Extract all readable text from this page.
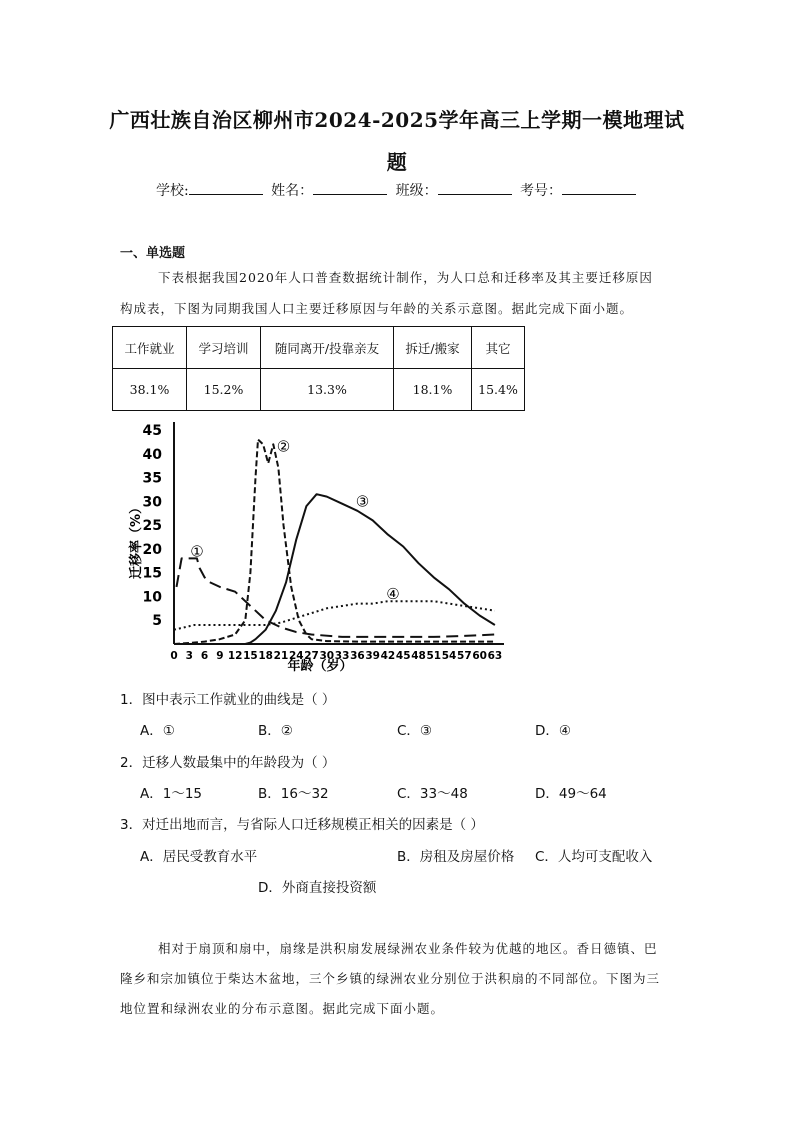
广西壮族自治区柳州市2024-2025学年高三上学期一模地理试
题
学校:	姓名：	班级：	考号：
一、单选题
下表根据我国2020年人口普查数据统计制作，为人口总和迁移率及其主要迁移原因
构成表，下图为同期我国人口主要迁移原因与年龄的关系示意图。据此完成下面小题。
工作就业	学习培训	随同离开/投靠亲友	拆迁/搬家	其它
38.1%	15.2%	13.3%	18.1%	15.4%
5
10
15
20
25
30
35
40
45
0 3 6 9 12 15 18 21 24 27 30 33 36 39 42 45 48 51 54 57 60 63
年龄（岁）
迁移率（%）	①
②
③
④
1．图中表示工作就业的曲线是（ ）
A．①	B．②	C．③	D．④
2．迁移人数最集中的年龄段为（ ）
A．1～15	B．16～32	C．33～48	D．49～64
3．对迁出地而言，与省际人口迁移规模正相关的因素是（ ）
A．居民受教育水平	B．房租及房屋价格 C．人均可支配收入
D．外商直接投资额
相对于扇顶和扇中，扇缘是洪积扇发展绿洲农业条件较为优越的地区。香日德镇、巴
隆乡和宗加镇位于柴达木盆地，三个乡镇的绿洲农业分别位于洪积扇的不同部位。下图为三
地位置和绿洲农业的分布示意图。据此完成下面小题。
